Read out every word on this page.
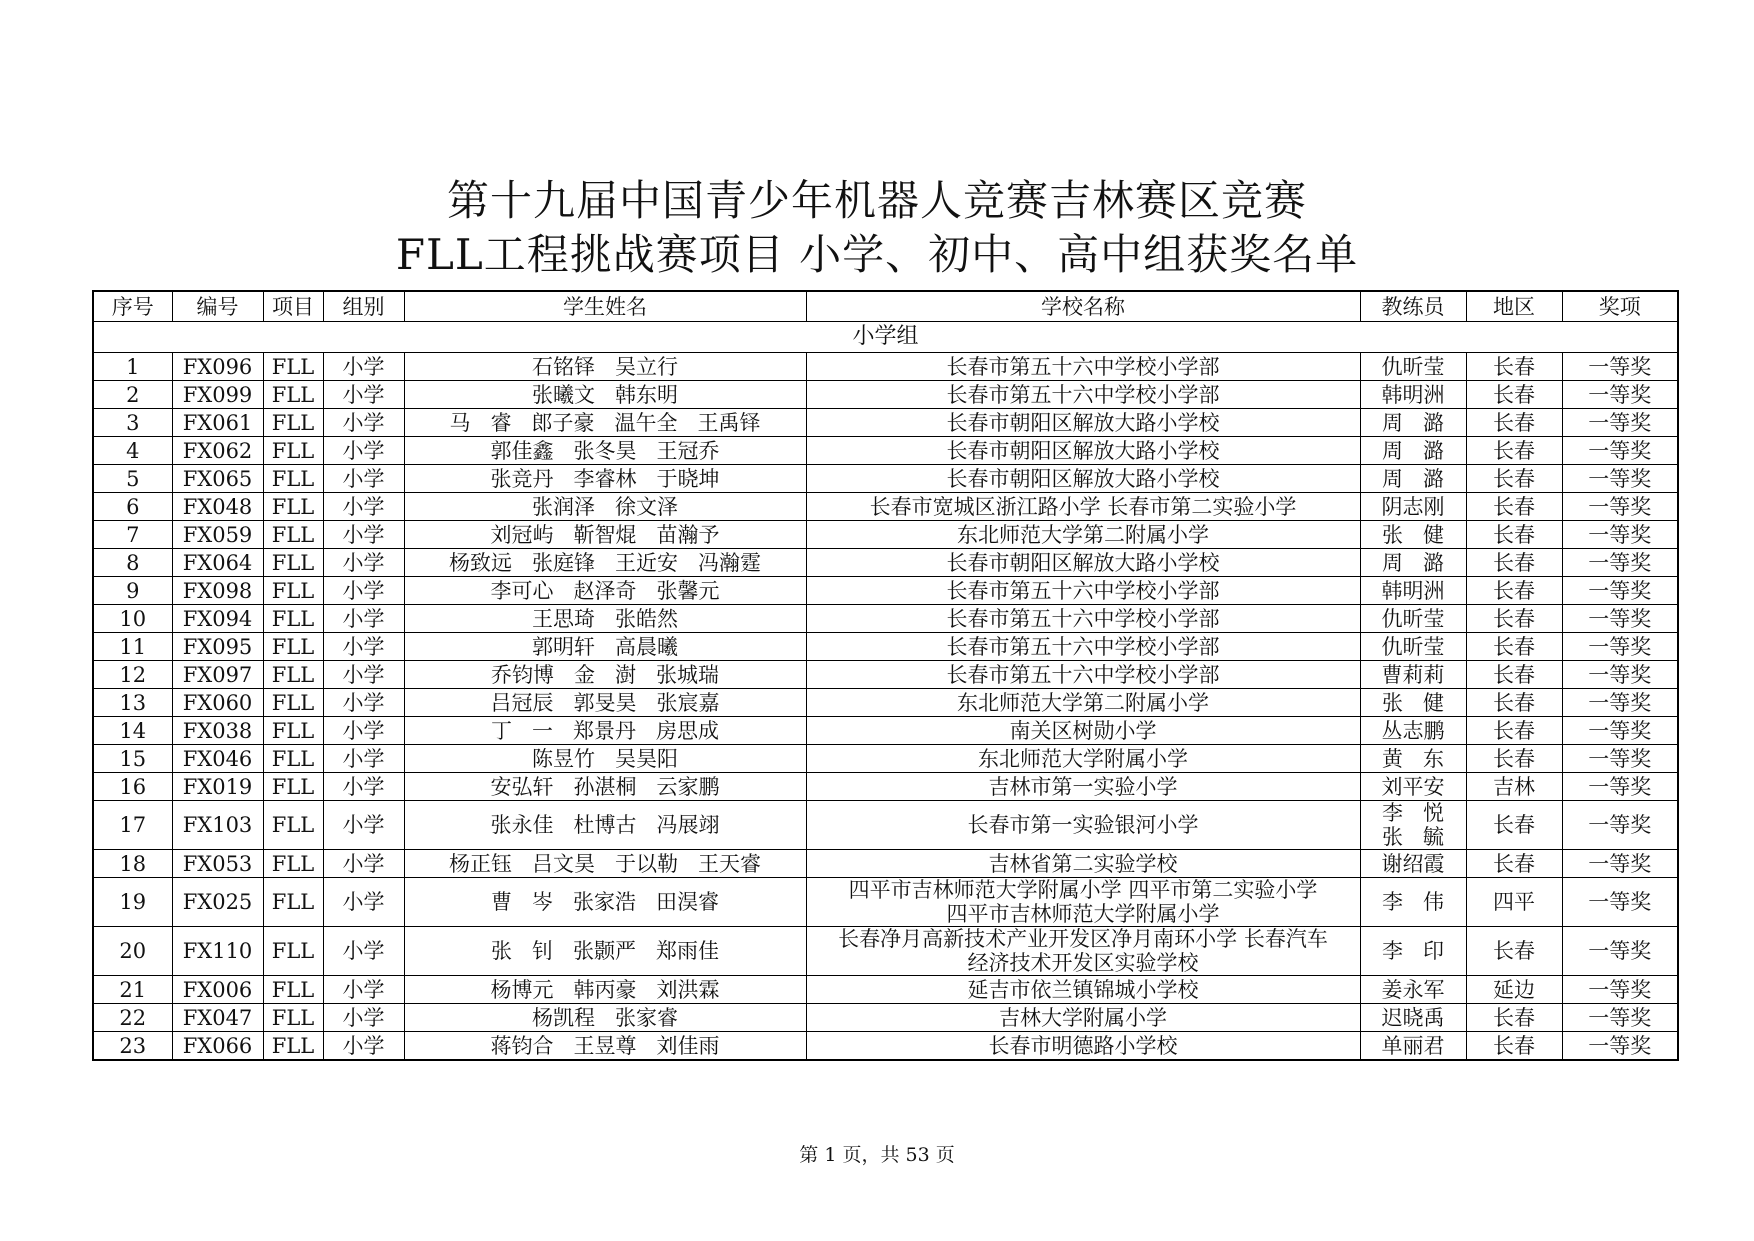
第十九届中国青少年机器人竞赛吉林赛区竞赛
FLL工程挑战赛项目 小学、初中、高中组获奖名单
序号	编号	项目	组别	学生姓名	学校名称	教练员	地区	奖项
小学组								
1	FX096	FLL	小学	石铭铎   吴立行	长春市第五十六中学校小学部	仇昕莹	长春	一等奖
2	FX099	FLL	小学	张曦文   韩东明	长春市第五十六中学校小学部	韩明洲	长春	一等奖
3	FX061	FLL	小学	马   睿   郎子豪   温午全   王禹铎	长春市朝阳区解放大路小学校	周   潞	长春	一等奖
4	FX062	FLL	小学	郭佳鑫   张冬昊   王冠乔	长春市朝阳区解放大路小学校	周   潞	长春	一等奖
5	FX065	FLL	小学	张竞丹   李睿林   于晓坤	长春市朝阳区解放大路小学校	周   潞	长春	一等奖
6	FX048	FLL	小学	张润泽   徐文泽	长春市宽城区浙江路小学 长春市第二实验小学	阴志刚	长春	一等奖
7	FX059	FLL	小学	刘冠屿   靳智焜   苗瀚予	东北师范大学第二附属小学	张   健	长春	一等奖
8	FX064	FLL	小学	杨致远   张庭锋   王近安   冯瀚霆	长春市朝阳区解放大路小学校	周   潞	长春	一等奖
9	FX098	FLL	小学	李可心   赵泽奇   张馨元	长春市第五十六中学校小学部	韩明洲	长春	一等奖
10	FX094	FLL	小学	王思琦   张皓然	长春市第五十六中学校小学部	仇昕莹	长春	一等奖
11	FX095	FLL	小学	郭明轩   高晨曦	长春市第五十六中学校小学部	仇昕莹	长春	一等奖
12	FX097	FLL	小学	乔钧博   金   澍   张城瑞	长春市第五十六中学校小学部	曹莉莉	长春	一等奖
13	FX060	FLL	小学	吕冠辰   郭旻昊   张宸嘉	东北师范大学第二附属小学	张   健	长春	一等奖
14	FX038	FLL	小学	丁   一   郑景丹   房思成	南关区树勋小学	丛志鹏	长春	一等奖
15	FX046	FLL	小学	陈昱竹   吴昊阳	东北师范大学附属小学	黄   东	长春	一等奖
16	FX019	FLL	小学	安弘轩   孙湛桐   云家鹏	吉林市第一实验小学	刘平安	吉林	一等奖
17	FX103	FLL	小学	张永佳   杜博古   冯展翊	长春市第一实验银河小学	李   悦
张   毓	长春	一等奖
18	FX053	FLL	小学	杨正钰   吕文昊   于以勒   王天睿	吉林省第二实验学校	谢绍霞	长春	一等奖
19	FX025	FLL	小学	曹   岑   张家浩   田淏睿	四平市吉林师范大学附属小学 四平市第二实验小学
四平市吉林师范大学附属小学	李   伟	四平	一等奖
20	FX110	FLL	小学	张   钊   张颢严   郑雨佳	长春净月高新技术产业开发区净月南环小学 长春汽车
经济技术开发区实验学校	李   印	长春	一等奖
21	FX006	FLL	小学	杨博元   韩丙豪   刘洪霖	延吉市依兰镇锦城小学校	姜永军	延边	一等奖
22	FX047	FLL	小学	杨凯程   张家睿	吉林大学附属小学	迟晓禹	长春	一等奖
23	FX066	FLL	小学	蒋钧合   王昱尊   刘佳雨	长春市明德路小学校	单丽君	长春	一等奖
第 1 页，共 53 页
